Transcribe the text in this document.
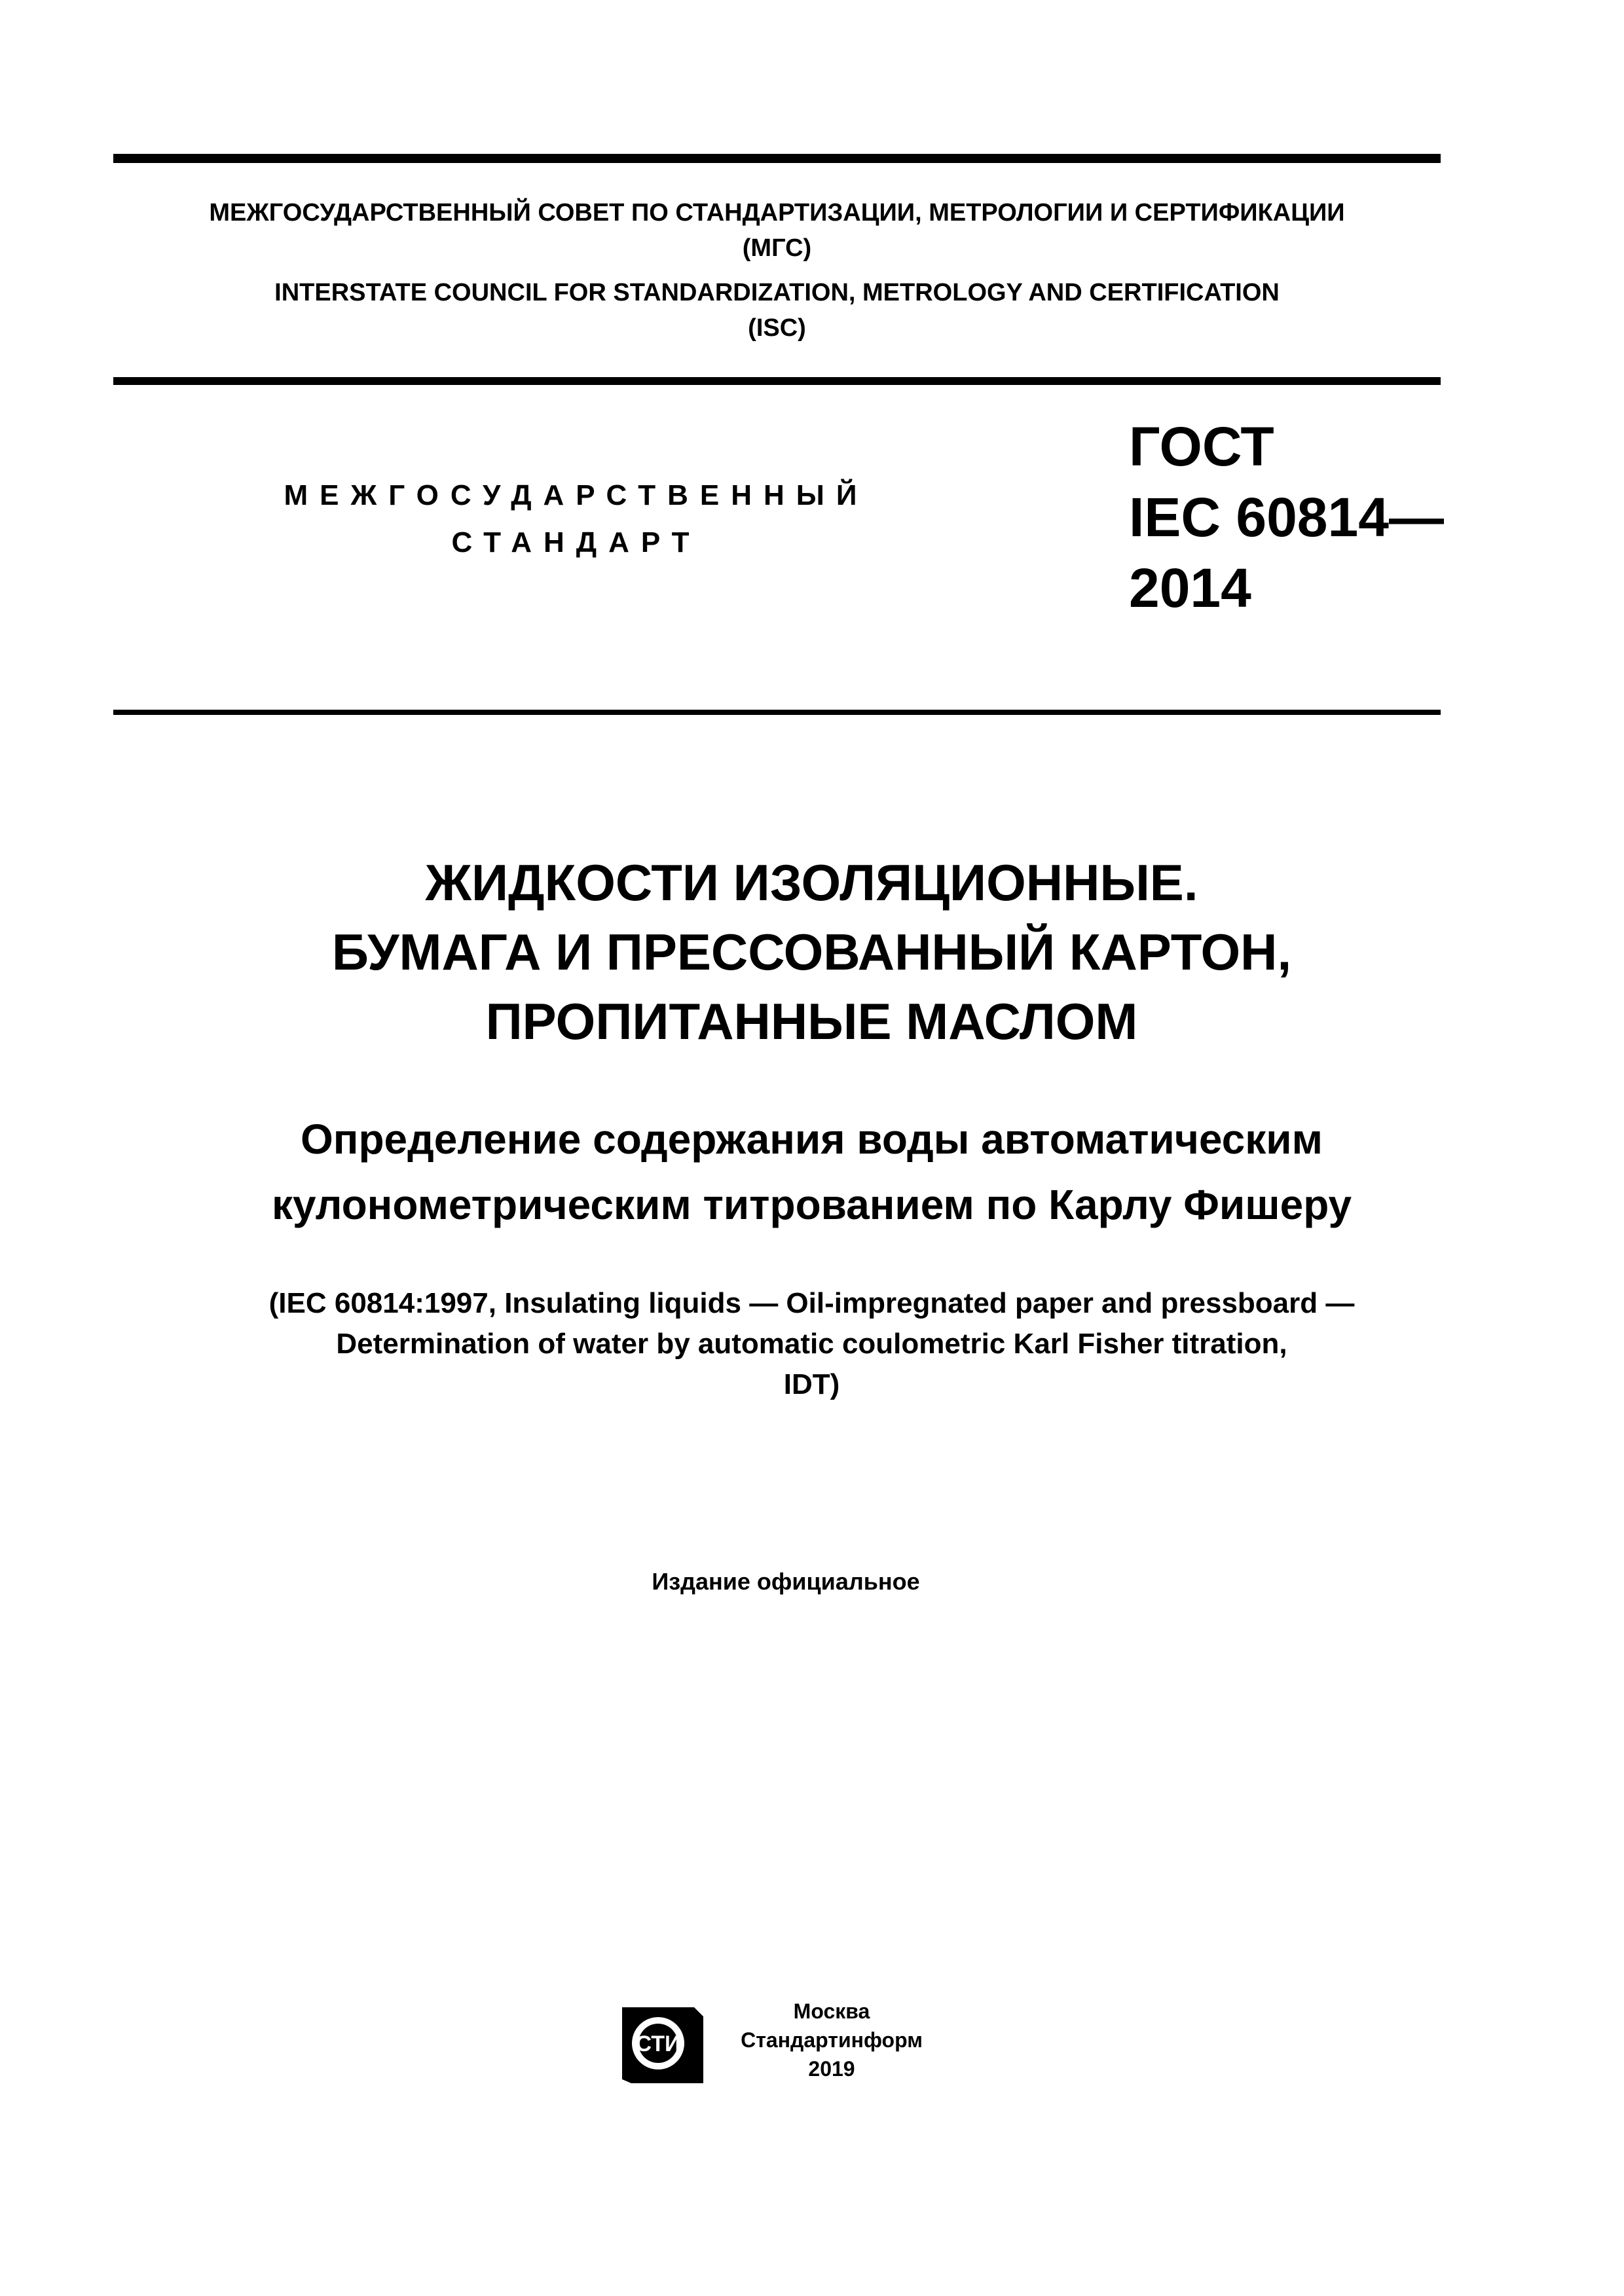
МЕЖГОСУДАРСТВЕННЫЙ СОВЕТ ПО СТАНДАРТИЗАЦИИ, МЕТРОЛОГИИ И СЕРТИФИКАЦИИ
(МГС)
INTERSTATE COUNCIL FOR STANDARDIZATION, METROLOGY AND CERTIFICATION
(ISC)
МЕЖГОСУДАРСТВЕННЫЙ
СТАНДАРТ
ГОСТ
IEC 60814—
2014
ЖИДКОСТИ ИЗОЛЯЦИОННЫЕ.
БУМАГА И ПРЕССОВАННЫЙ КАРТОН,
ПРОПИТАННЫЕ МАСЛОМ
Определение содержания воды автоматическим
кулонометрическим титрованием по Карлу Фишеру
(IEC 60814:1997, Insulating liquids — Oil-impregnated paper and pressboard —
Determination of water by automatic coulometric Karl Fisher titration,
IDT)
Издание официальное
СТИ
Москва
Стандартинформ
2019
